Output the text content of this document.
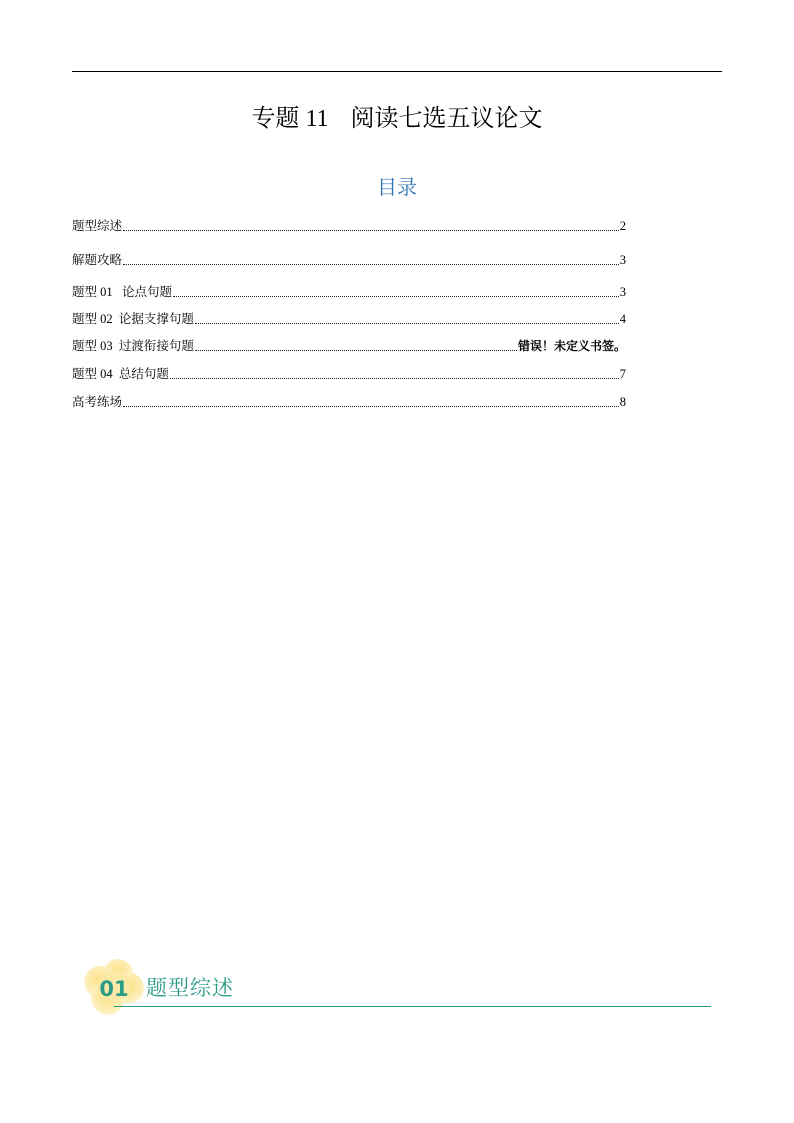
专题 11 阅读七选五议论文
目录
题型综述	2
解题攻略	3
题型 01   论点句题	3
题型 02  论据支撑句题	4
题型 03  过渡衔接句题	错误！未定义书签。
题型 04  总结句题	7
高考练场	8
01 题型综述
